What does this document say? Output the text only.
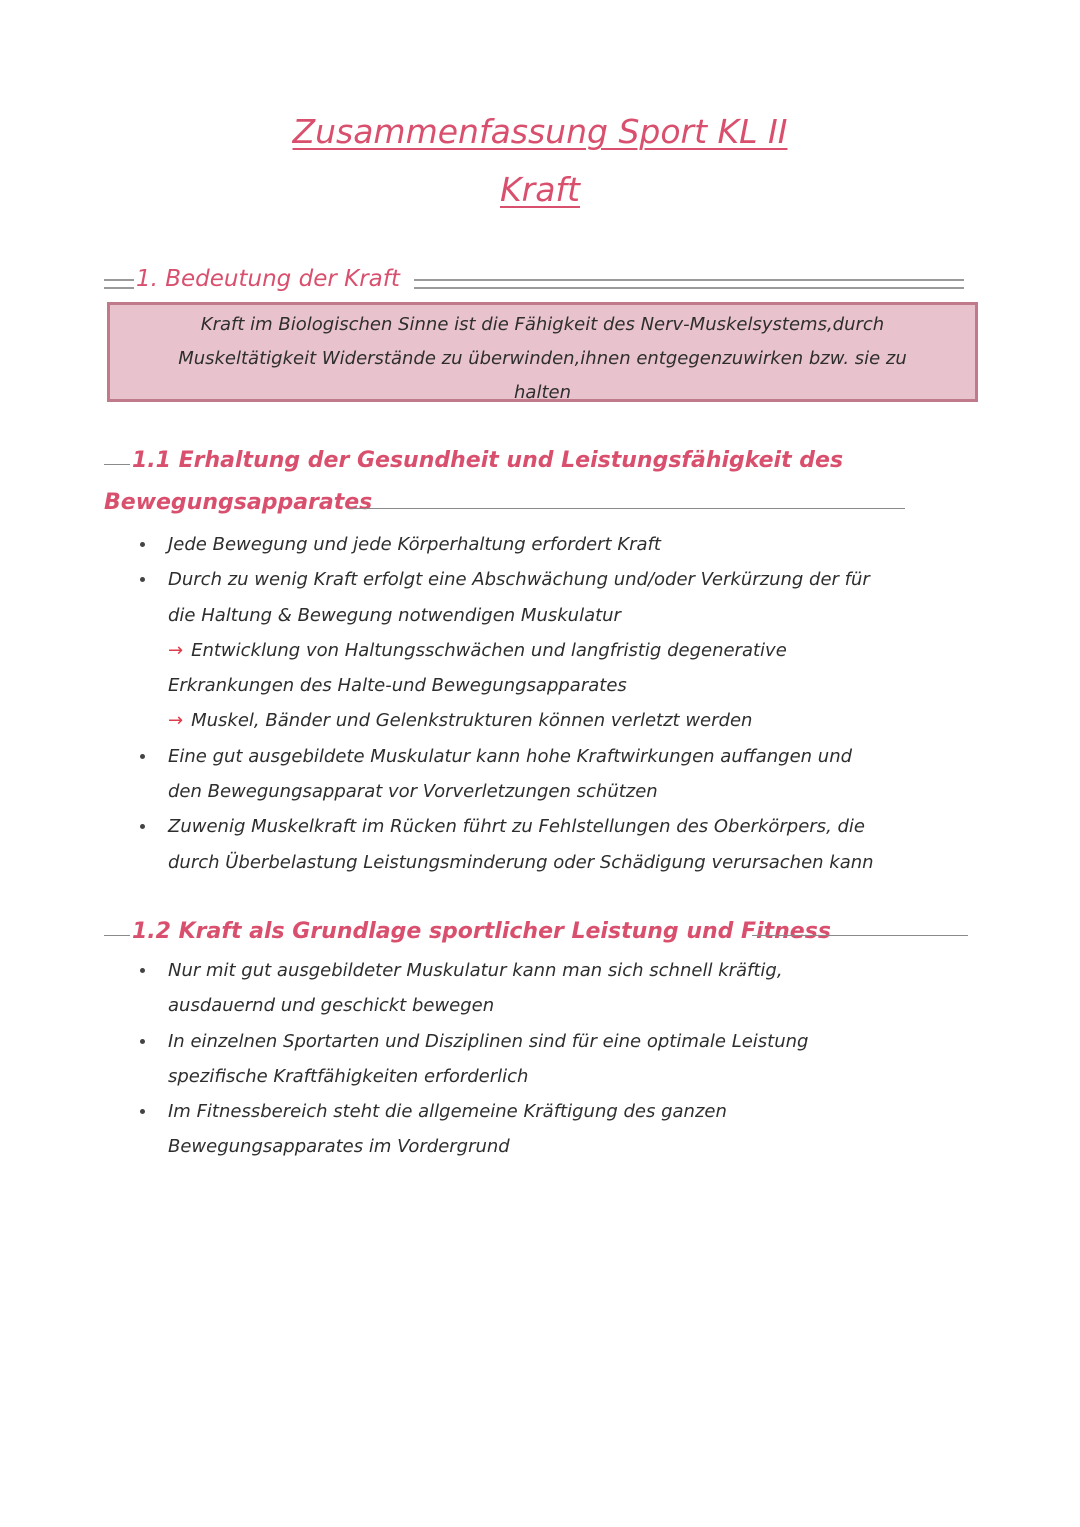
Zusammenfassung Sport KL II
Kraft
1. Bedeutung der Kraft
Kraft im Biologischen Sinne ist die Fähigkeit des Nerv-Muskelsystems,durch
Muskeltätigkeit Widerstände zu überwinden,ihnen entgegenzuwirken bzw. sie zu
halten
1.1 Erhaltung der Gesundheit und Leistungsfähigkeit des
Bewegungsapparates
Jede Bewegung und jede Körperhaltung erfordert Kraft
Durch zu wenig Kraft erfolgt eine Abschwächung und/oder Verkürzung der für
die Haltung & Bewegung notwendigen Muskulatur
→ Entwicklung von Haltungsschwächen und langfristig degenerative
Erkrankungen des Halte-und Bewegungsapparates
→ Muskel, Bänder und Gelenkstrukturen können verletzt werden
Eine gut ausgebildete Muskulatur kann hohe Kraftwirkungen auffangen und
den Bewegungsapparat vor Vorverletzungen schützen
Zuwenig Muskelkraft im Rücken führt zu Fehlstellungen des Oberkörpers, die
durch Überbelastung Leistungsminderung oder Schädigung verursachen kann
1.2 Kraft als Grundlage sportlicher Leistung und Fitness
Nur mit gut ausgebildeter Muskulatur kann man sich schnell kräftig,
ausdauernd und geschickt bewegen
In einzelnen Sportarten und Disziplinen sind für eine optimale Leistung
spezifische Kraftfähigkeiten erforderlich
Im Fitnessbereich steht die allgemeine Kräftigung des ganzen
Bewegungsapparates im Vordergrund
